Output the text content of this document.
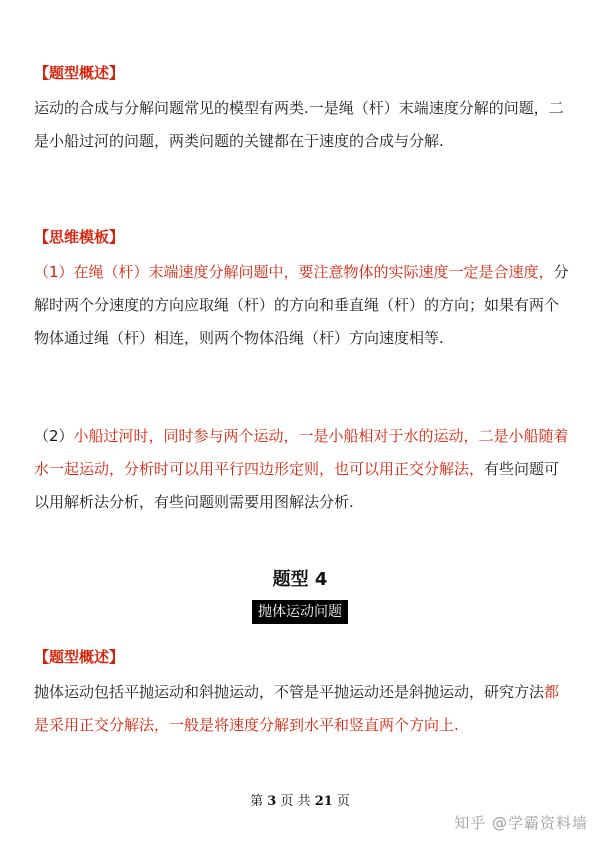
【题型概述】
运动的合成与分解问题常见的模型有两类.一是绳（杆）末端速度分解的问题，二是小船过河的问题，两类问题的关键都在于速度的合成与分解.
【思维模板】
（1）在绳（杆）末端速度分解问题中，要注意物体的实际速度一定是合速度，分解时两个分速度的方向应取绳（杆）的方向和垂直绳（杆）的方向；如果有两个物体通过绳（杆）相连，则两个物体沿绳（杆）方向速度相等.
（2）小船过河时，同时参与两个运动，一是小船相对于水的运动，二是小船随着水一起运动，分析时可以用平行四边形定则，也可以用正交分解法，有些问题可以用解析法分析，有些问题则需要用图解法分析.
题型 4
抛体运动问题
【题型概述】
抛体运动包括平抛运动和斜抛运动，不管是平抛运动还是斜抛运动，研究方法都是采用正交分解法，一般是将速度分解到水平和竖直两个方向上.
第 3 页 共 21 页
知乎 @学霸资料墙
